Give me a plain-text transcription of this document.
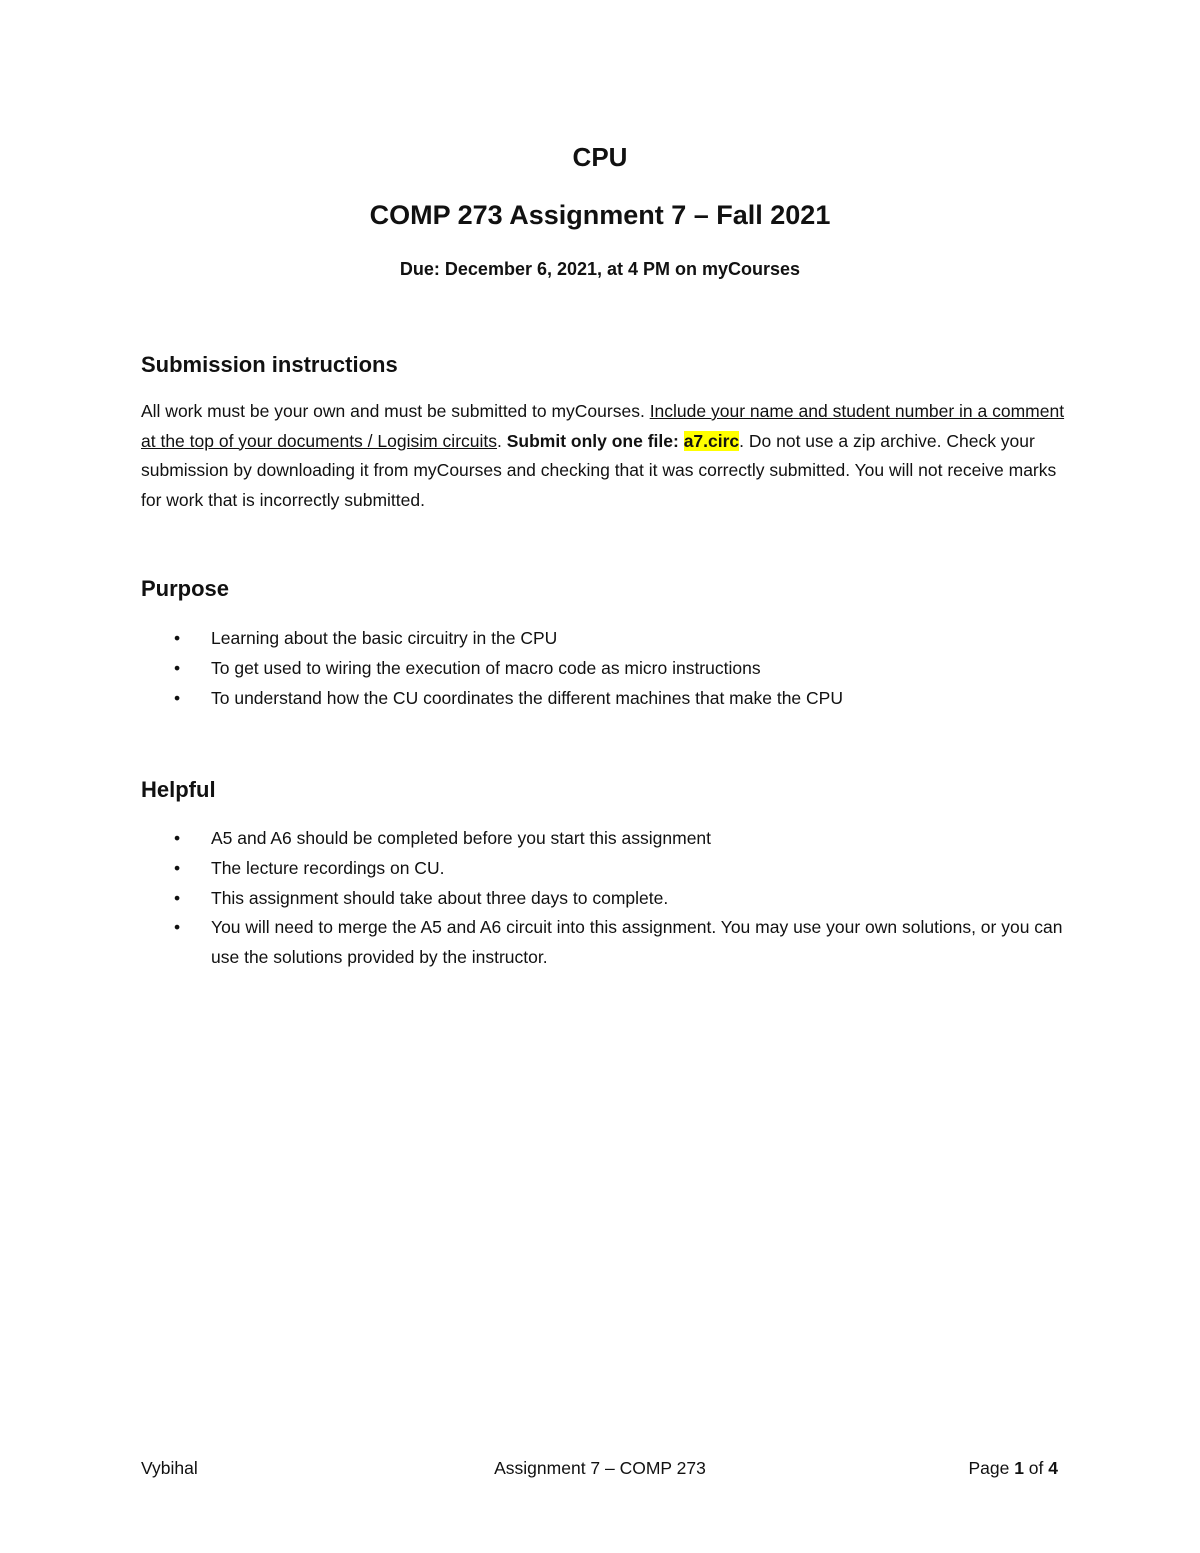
CPU
COMP 273 Assignment 7 – Fall 2021
Due: December 6, 2021, at 4 PM on myCourses
Submission instructions
All work must be your own and must be submitted to myCourses. Include your name and student number in a comment at the top of your documents / Logisim circuits. Submit only one file: a7.circ. Do not use a zip archive. Check your submission by downloading it from myCourses and checking that it was correctly submitted. You will not receive marks for work that is incorrectly submitted.
Purpose
• Learning about the basic circuitry in the CPU
• To get used to wiring the execution of macro code as micro instructions
• To understand how the CU coordinates the different machines that make the CPU
Helpful
• A5 and A6 should be completed before you start this assignment
• The lecture recordings on CU.
• This assignment should take about three days to complete.
• You will need to merge the A5 and A6 circuit into this assignment. You may use your own solutions, or you can use the solutions provided by the instructor.
Vybihal	Assignment 7 – COMP 273	Page 1 of 4
